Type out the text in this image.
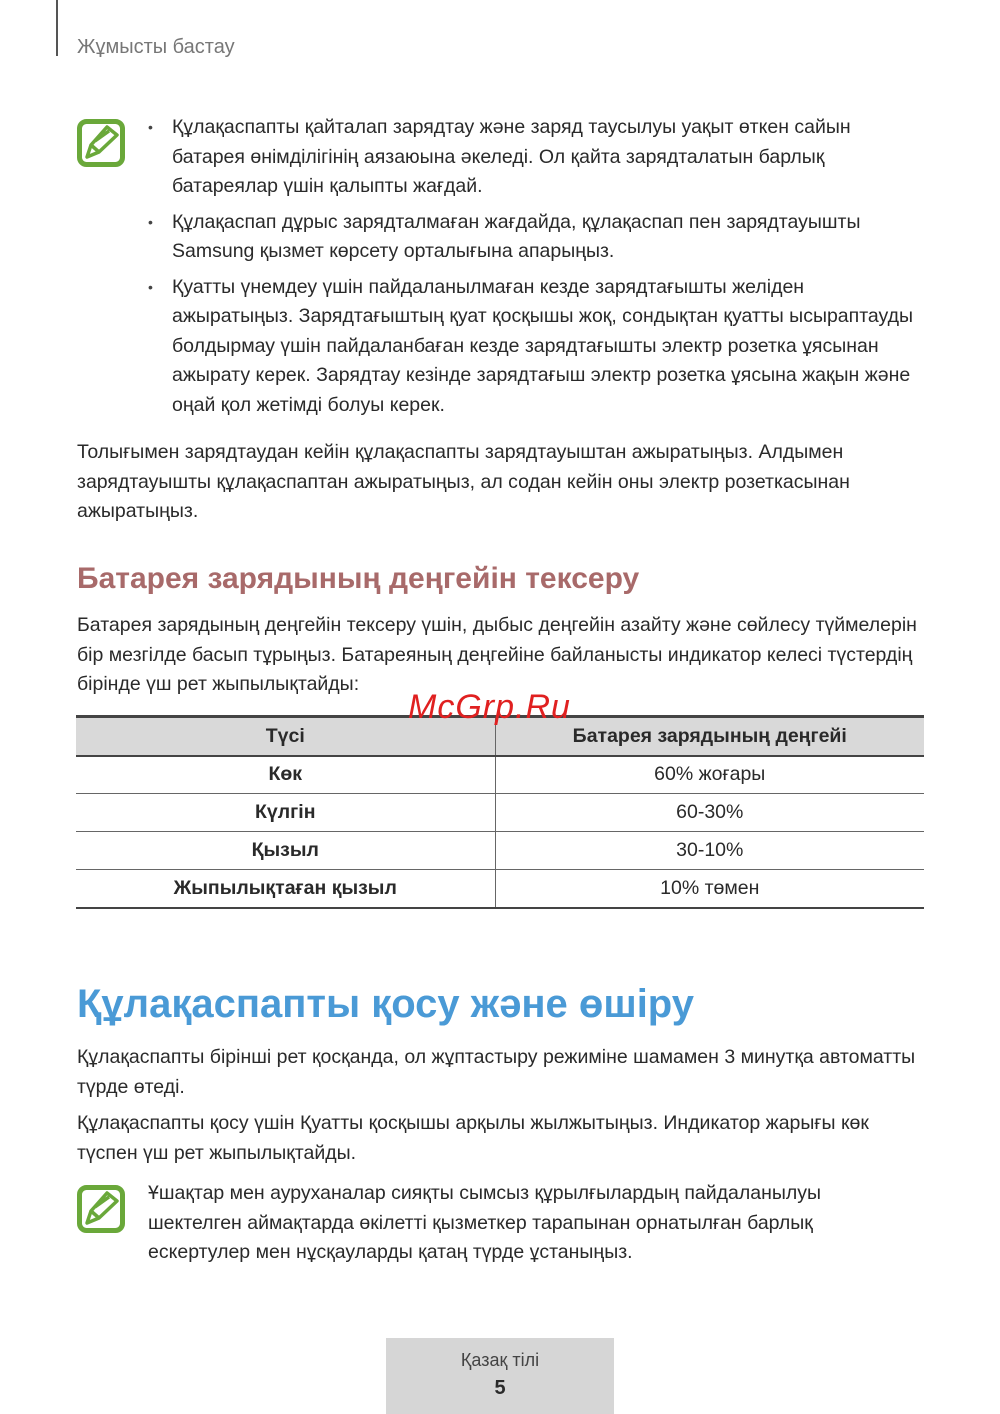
Жұмысты бастау
• Құлақаспапты қайталап зарядтау және заряд таусылуы уақыт өткен сайын батарея өнімділігінің аязаюына әкеледі. Ол қайта зарядталатын барлық батареялар үшін қалыпты жағдай.
• Құлақаспап дұрыс зарядталмаған жағдайда, құлақаспап пен зарядтауышты Samsung қызмет көрсету орталығына апарыңыз.
• Қуатты үнемдеу үшін пайдаланылмаған кезде зарядтағышты желіден ажыратыңыз. Зарядтағыштың қуат қосқышы жоқ, сондықтан қуатты ысырaптауды болдырмау үшін пайдаланбаған кезде зарядтағышты электр розетка ұясынан ажырату керек. Зарядтау кезінде зарядтағыш электр розетка ұясына жақын және оңай қол жетімді болуы керек.

Толығымен зарядтаудан кейін құлақаспапты зарядтауыштан ажыратыңыз. Алдымен зарядтауышты құлақаспаптан ажыратыңыз, ал содан кейін оны электр розеткасынан ажыратыңыз.

Батарея зарядының деңгейін тексеру

Батарея зарядының деңгейін тексеру үшін, дыбыс деңгейін азайту және сөйлесу түймелерін бір мезгілде басып тұрыңыз. Батареяның деңгейіне байланысты индикатор келесі түстердің бірінде үш рет жыпылықтайды:

Түсі	Батарея зарядының деңгейі
Көк	60% жоғары
Күлгін	60-30%
Қызыл	30-10%
Жыпылықтаған қызыл	10% төмен
McGrp.Ru
Құлақаспапты қосу және өшіру

Құлақаспапты бірінші рет қосқанда, ол жұптастыру режиміне шамамен 3 минутқа автоматты түрде өтеді.

Құлақаспапты қосу үшін Қуатты қосқышы арқылы жылжытыңыз. Индикатор жарығы көк түспен үш рет жыпылықтайды.

Ұшақтар мен ауруханалар сияқты сымсыз құрылғылардың пайдаланылуы шектелген аймақтарда өкілетті қызметкер тарапынан орнатылған барлық ескертулер мен нұсқауларды қатаң түрде ұстаныңыз.

Қазақ тілі
5
